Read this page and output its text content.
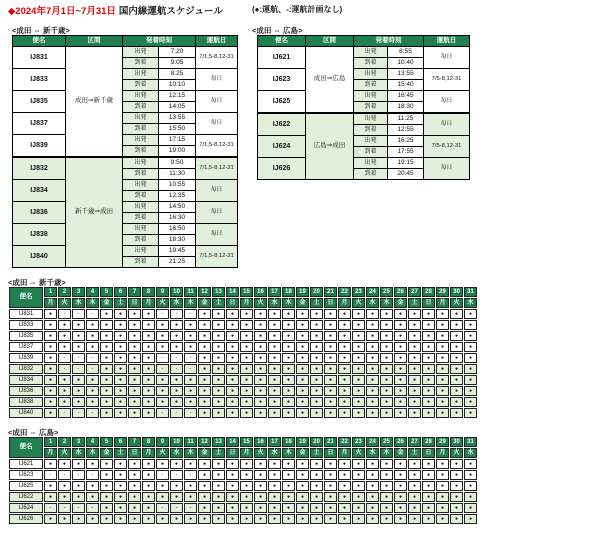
◆2024年7月1日~7月31日 国内線運航スケジュール	(●:運航、-:運航計画なし)
<成田 ⇔ 新千歳>
便名	区間	発着時刻		運航日
IJ831	成田⇒新千歳	出発	7:20	7/1,5-8,12-31
		到着	9:05	
IJ833		出発	8:25	毎日
		到着	10:10	
IJ835		出発	12:15	毎日
		到着	14:05	
IJ837		出発	13:55	毎日
		到着	15:50	
IJ839		出発	17:15	7/1,5-8,12-31
		到着	19:00	
IJ832	新千歳⇒成田	出発	9:50	7/1,5-8,12-31
		到着	11:30	
IJ834		出発	10:55	毎日
		到着	12:35	
IJ836		出発	14:50	毎日
		到着	16:30	
IJ838		出発	16:50	毎日
		到着	18:30	
IJ840		出発	19:45	7/1,5-8,12-31
		到着	21:25	
<成田 ⇔ 広島>
便名	区間	発着時刻		運航日
IJ621	成田⇒広島	出発	8:55	毎日
		到着	10:40	
IJ623		出発	13:55	7/5-8,12-31
		到着	15:40	
IJ625		出発	16:45	毎日
		到着	18:30	
IJ622	広島⇒成田	出発	11:25	毎日
		到着	12:55	
IJ624		出発	16:25	7/5-8,12-31
		到着	17:55	
IJ626		出発	19:15	毎日
		到着	20:45	
<成田 ⇔ 新千歳>
便名	1	2	3	4	5	6	7	8	9	10	11	12	13	14	15	16	17	18	19	20	21	22	23	24	25	26	27	28	29	30	31
	月	火	水	木	金	土	日	月	火	水	木	金	土	日	月	火	水	木	金	土	日	月	火	水	木	金	土	日	月	火	水
IJ831	●	-	-	-	●	●	●	●	-	-	-	●	●	●	●	●	●	●	●	●	●	●	●	●	●	●	●	●	●	●	●
IJ833	●	●	●	●	●	●	●	●	●	●	●	●	●	●	●	●	●	●	●	●	●	●	●	●	●	●	●	●	●	●	●
IJ835	●	●	●	●	●	●	●	●	●	●	●	●	●	●	●	●	●	●	●	●	●	●	●	●	●	●	●	●	●	●	●
IJ837	●	●	●	●	●	●	●	●	●	●	●	●	●	●	●	●	●	●	●	●	●	●	●	●	●	●	●	●	●	●	●
IJ839	●	-	-	-	●	●	●	●	-	-	-	●	●	●	●	●	●	●	●	●	●	●	●	●	●	●	●	●	●	●	●
IJ832	●	-	-	-	●	●	●	●	-	-	-	●	●	●	●	●	●	●	●	●	●	●	●	●	●	●	●	●	●	●	●
IJ834	●	●	●	●	●	●	●	●	●	●	●	●	●	●	●	●	●	●	●	●	●	●	●	●	●	●	●	●	●	●	●
IJ836	●	●	●	●	●	●	●	●	●	●	●	●	●	●	●	●	●	●	●	●	●	●	●	●	●	●	●	●	●	●	●
IJ838	●	●	●	●	●	●	●	●	●	●	●	●	●	●	●	●	●	●	●	●	●	●	●	●	●	●	●	●	●	●	●
IJ840	●	-	-	-	●	●	●	●	-	-	-	●	●	●	●	●	●	●	●	●	●	●	●	●	●	●	●	●	●	●	●
<成田 ⇔ 広島>
便名	1	2	3	4	5	6	7	8	9	10	11	12	13	14	15	16	17	18	19	20	21	22	23	24	25	26	27	28	29	30	31
	月	火	水	木	金	土	日	月	火	水	木	金	土	日	月	火	水	木	金	土	日	月	火	水	木	金	土	日	月	火	水
IJ621	●	●	●	●	●	●	●	●	●	●	●	●	●	●	●	●	●	●	●	●	●	●	●	●	●	●	●	●	●	●	●
IJ623	-	-	-	-	●	●	●	●	-	-	-	●	●	●	●	●	●	●	●	●	●	●	●	●	●	●	●	●	●	●	●
IJ625	●	●	●	●	●	●	●	●	●	●	●	●	●	●	●	●	●	●	●	●	●	●	●	●	●	●	●	●	●	●	●
IJ622	●	●	●	●	●	●	●	●	●	●	●	●	●	●	●	●	●	●	●	●	●	●	●	●	●	●	●	●	●	●	●
IJ624	-	-	-	-	●	●	●	●	-	-	-	●	●	●	●	●	●	●	●	●	●	●	●	●	●	●	●	●	●	●	●
IJ626	●	●	●	●	●	●	●	●	●	●	●	●	●	●	●	●	●	●	●	●	●	●	●	●	●	●	●	●	●	●	●
